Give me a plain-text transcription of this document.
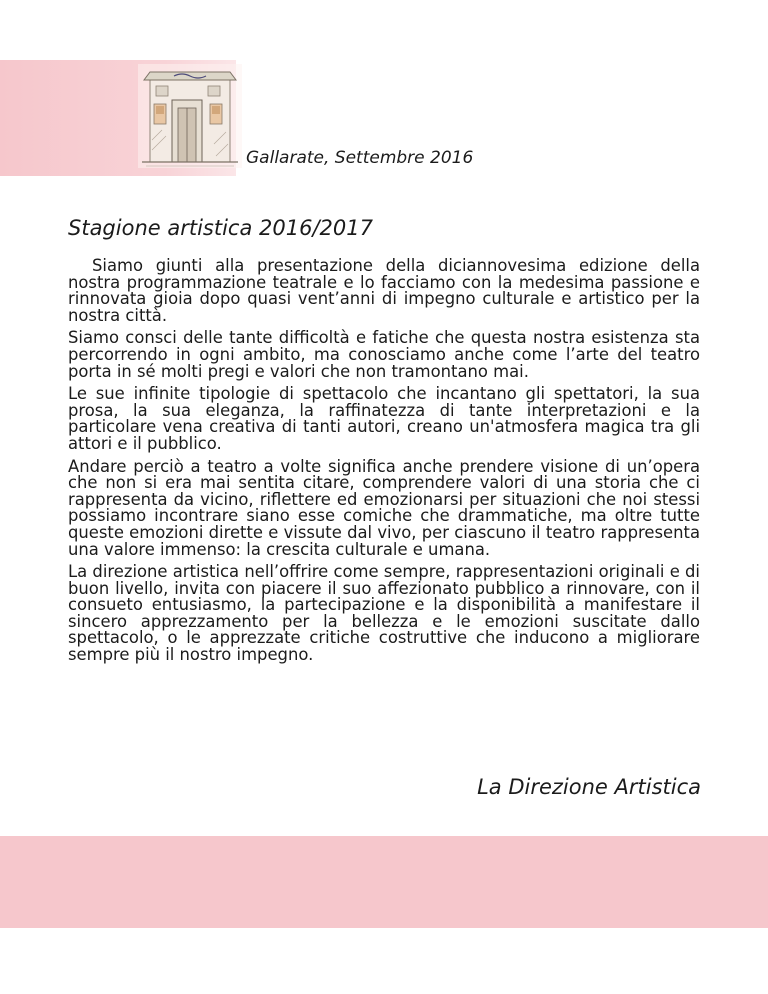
Gallarate, Settembre 2016
Stagione artistica 2016/2017

Siamo giunti alla presentazione della diciannovesima edizione della nostra programmazione teatrale e lo facciamo con la medesima passione e rinnovata gioia dopo quasi vent’anni di impegno culturale e artistico per la nostra città.

Siamo consci delle tante difficoltà e fatiche che questa nostra esistenza sta percorrendo in ogni ambito, ma conosciamo anche come l’arte del teatro porta in sé molti pregi e valori che non tramontano mai.

Le sue infinite tipologie di spettacolo che incantano gli spettatori, la sua prosa, la sua eleganza, la raffinatezza di tante interpretazioni e la particolare vena creativa di tanti autori, creano un'atmosfera magica tra gli attori e il pubblico.

Andare perciò a teatro a volte significa anche prendere visione di un’opera che non si era mai sentita citare, comprendere valori di una storia che ci rappresenta da vicino, riflettere ed emozionarsi per situazioni che noi stessi possiamo incontrare siano esse comiche che drammatiche, ma oltre tutte queste emozioni dirette e vissute dal vivo, per ciascuno il teatro rappresenta una valore immenso: la crescita culturale e umana.

La direzione artistica nell’offrire come sempre, rappresentazioni originali e di buon livello, invita con piacere il suo affezionato pubblico a rinnovare, con il consueto entusiasmo, la partecipazione e la disponibilità a manifestare il sincero apprezzamento per la bellezza e le emozioni suscitate dallo spettacolo, o le apprezzate critiche costruttive che inducono a migliorare sempre più il nostro impegno.

La Direzione Artistica
